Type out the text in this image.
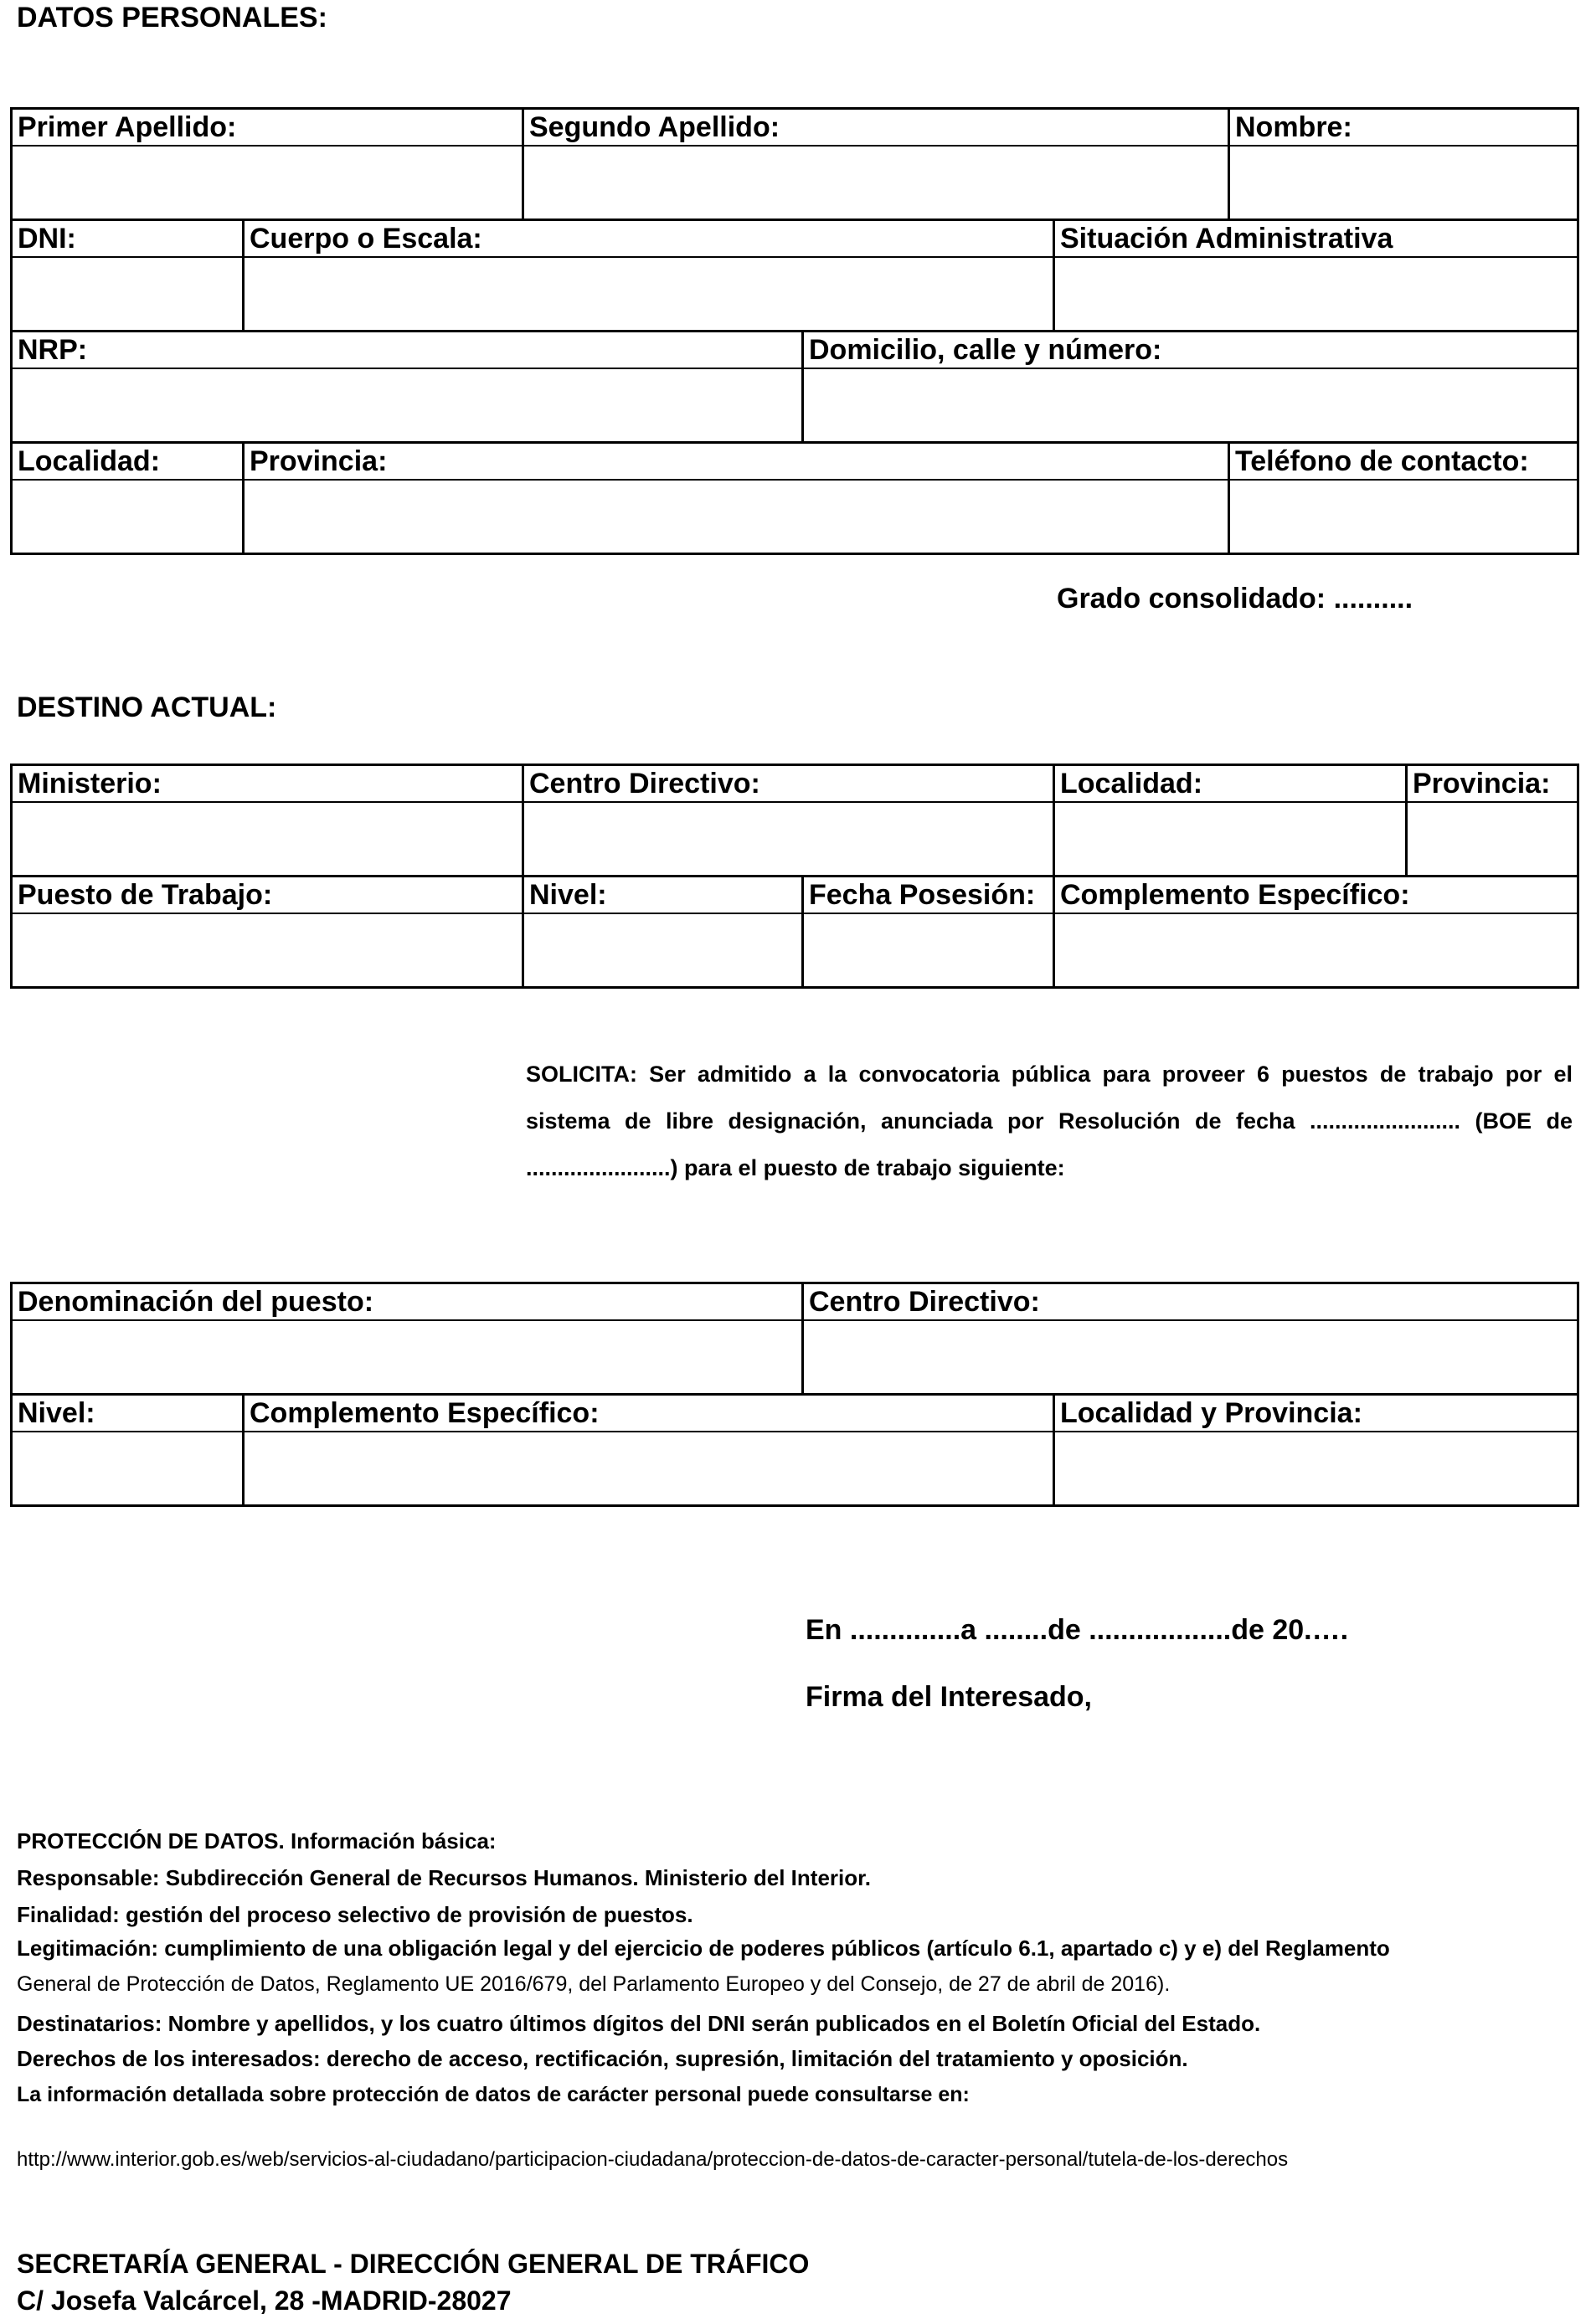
DATOS PERSONALES:
Primer Apellido:	Segundo Apellido:	Nombre:
DNI:	Cuerpo o Escala:	Situación Administrativa
NRP:	Domicilio, calle y número:
Localidad:	Provincia:	Teléfono de contacto:
Grado consolidado: ..........
DESTINO ACTUAL:
Ministerio:	Centro Directivo:	Localidad:	Provincia:
Puesto de Trabajo:	Nivel:	Fecha Posesión: Complemento Específico:
SOLICITA: Ser admitido a la convocatoria pública para proveer 6 puestos de trabajo por el sistema de libre designación, anunciada por Resolución de fecha ........................ (BOE de .......................) para el puesto de trabajo siguiente:
Denominación del puesto:	Centro Directivo:
Nivel:	Complemento Específico:	Localidad y Provincia:
En ..............a ........de ..................de 20.….
Firma del Interesado,
PROTECCIÓN DE DATOS. Información básica:
Responsable: Subdirección General de Recursos Humanos. Ministerio del Interior.
Finalidad: gestión del proceso selectivo de provisión de puestos.
Legitimación: cumplimiento de una obligación legal y del ejercicio de poderes públicos (artículo 6.1, apartado c) y e) del Reglamento
General de Protección de Datos, Reglamento UE 2016/679, del Parlamento Europeo y del Consejo, de 27 de abril de 2016).
Destinatarios: Nombre y apellidos, y los cuatro últimos dígitos del DNI serán publicados en el Boletín Oficial del Estado.
Derechos de los interesados: derecho de acceso, rectificación, supresión, limitación del tratamiento y oposición.
La información detallada sobre protección de datos de carácter personal puede consultarse en:
http://www.interior.gob.es/web/servicios-al-ciudadano/participacion-ciudadana/proteccion-de-datos-de-caracter-personal/tutela-de-los-derechos
SECRETARÍA GENERAL - DIRECCIÓN GENERAL DE TRÁFICO
C/ Josefa Valcárcel, 28 -MADRID-28027
